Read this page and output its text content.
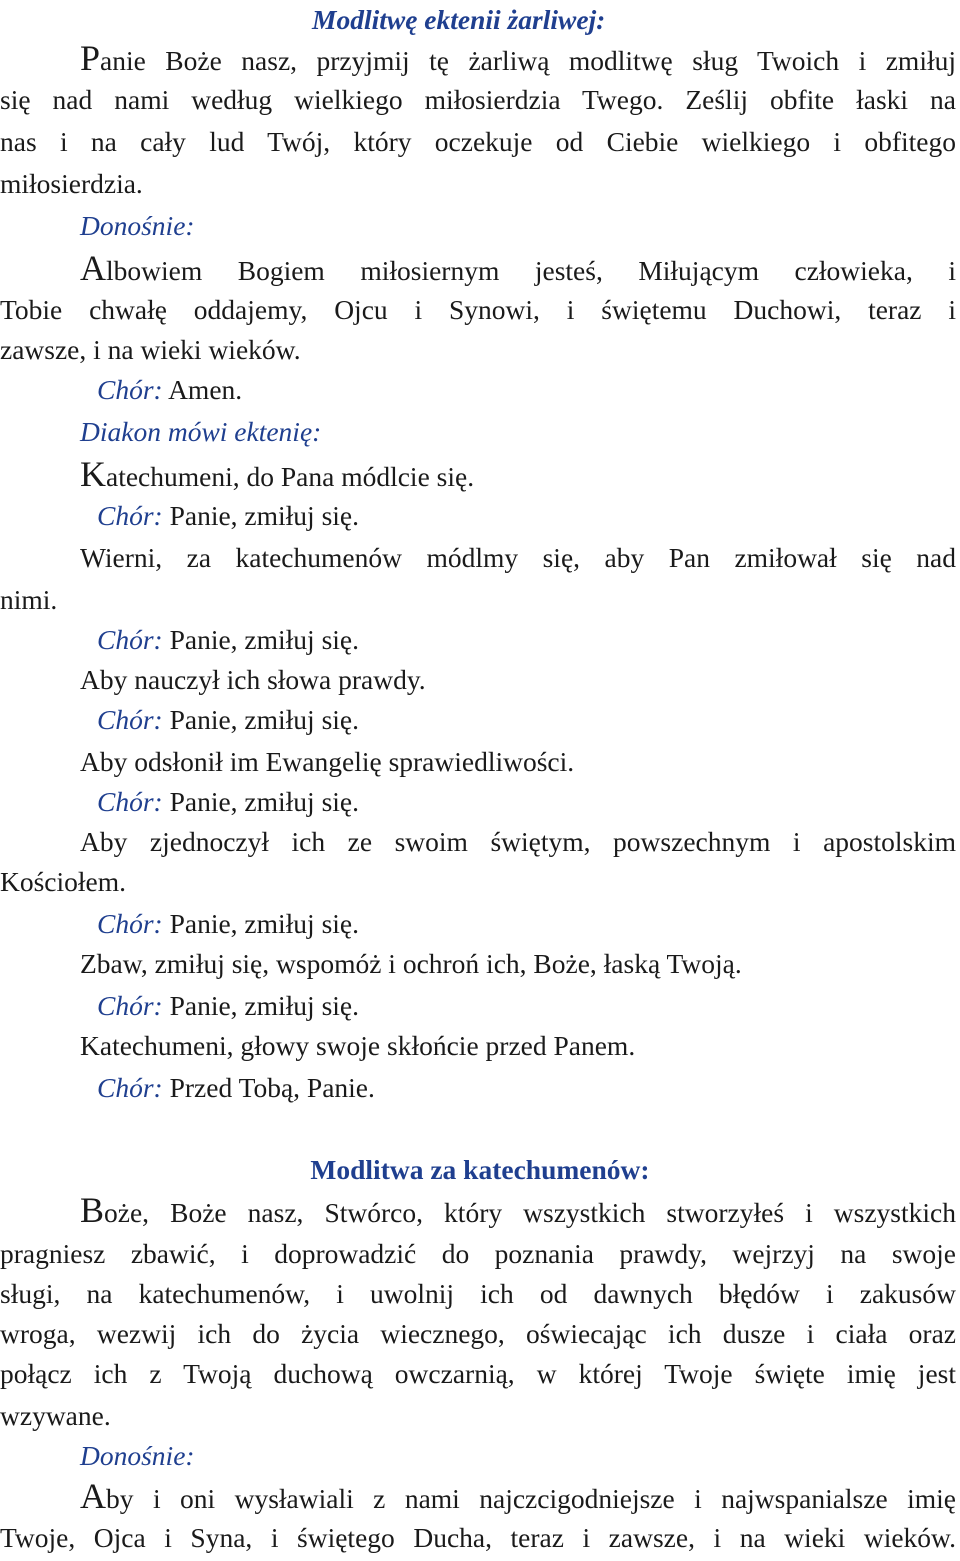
Modlitwę ektenii żarliwej:
Panie Boże nasz, przyjmij tę żarliwą modlitwę sług Twoich i zmiłuj
się nad nami według wielkiego miłosierdzia Twego. Ześlij obfite łaski na
nas i na cały lud Twój, który oczekuje od Ciebie wielkiego i obfitego
miłosierdzia.
Donośnie:
Albowiem Bogiem miłosiernym jesteś, Miłującym człowieka, i
Tobie chwałę oddajemy, Ojcu i Synowi, i świętemu Duchowi, teraz i
zawsze, i na wieki wieków.
Chór: Amen.
Diakon mówi ektenię:
Katechumeni, do Pana módlcie się.
Chór: Panie, zmiłuj się.
Wierni, za katechumenów módlmy się, aby Pan zmiłował się nad
nimi.
Chór: Panie, zmiłuj się.
Aby nauczył ich słowa prawdy.
Chór: Panie, zmiłuj się.
Aby odsłonił im Ewangelię sprawiedliwości.
Chór: Panie, zmiłuj się.
Aby zjednoczył ich ze swoim świętym, powszechnym i apostolskim
Kościołem.
Chór: Panie, zmiłuj się.
Zbaw, zmiłuj się, wspomóż i ochroń ich, Boże, łaską Twoją.
Chór: Panie, zmiłuj się.
Katechumeni, głowy swoje skłońcie przed Panem.
Chór: Przed Tobą, Panie.
Modlitwa za katechumenów:
Boże, Boże nasz, Stwórco, który wszystkich stworzyłeś i wszystkich
pragniesz zbawić, i doprowadzić do poznania prawdy, wejrzyj na swoje
sługi, na katechumenów, i uwolnij ich od dawnych błędów i zakusów
wroga, wezwij ich do życia wiecznego, oświecając ich dusze i ciała oraz
połącz ich z Twoją duchową owczarnią, w której Twoje święte imię jest
wzywane.
Donośnie:
Aby i oni wysławiali z nami najczcigodniejsze i najwspanialsze imię
Twoje, Ojca i Syna, i świętego Ducha, teraz i zawsze, i na wieki wieków.
